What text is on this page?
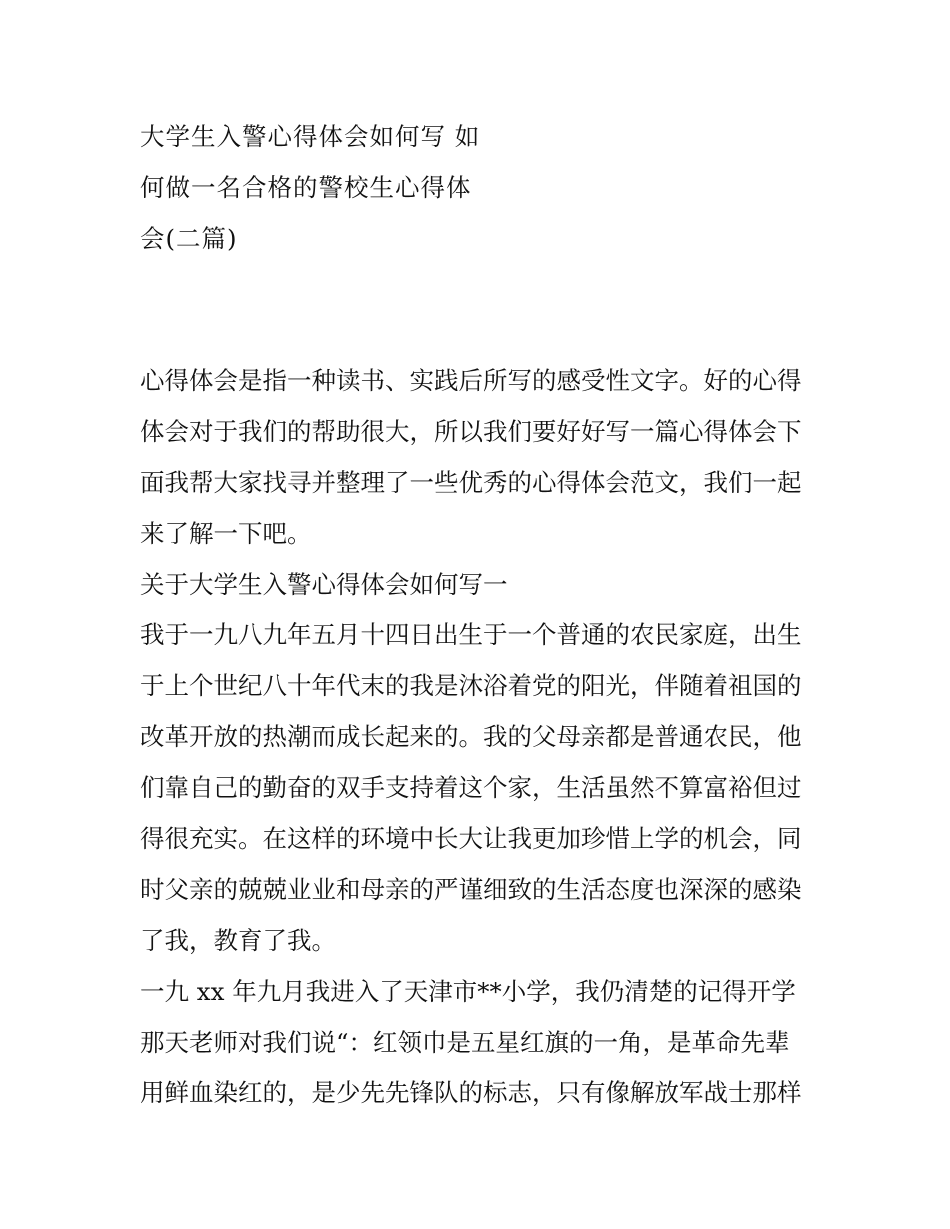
大学生入警心得体会如何写 如
何做一名合格的警校生心得体
会(二篇)
心得体会是指一种读书、实践后所写的感受性文字。好的心得
体会对于我们的帮助很大，所以我们要好好写一篇心得体会下
面我帮大家找寻并整理了一些优秀的心得体会范文，我们一起
来了解一下吧。
关于大学生入警心得体会如何写一
我于一九八九年五月十四日出生于一个普通的农民家庭，出生
于上个世纪八十年代末的我是沐浴着党的阳光，伴随着祖国的
改革开放的热潮而成长起来的。我的父母亲都是普通农民，他
们靠自己的勤奋的双手支持着这个家，生活虽然不算富裕但过
得很充实。在这样的环境中长大让我更加珍惜上学的机会，同
时父亲的兢兢业业和母亲的严谨细致的生活态度也深深的感染
了我，教育了我。
一九 xx 年九月我进入了天津市**小学，我仍清楚的记得开学
那天老师对我们说“：红领巾是五星红旗的一角，是革命先辈
用鲜血染红的，是少先先锋队的标志，只有像解放军战士那样
